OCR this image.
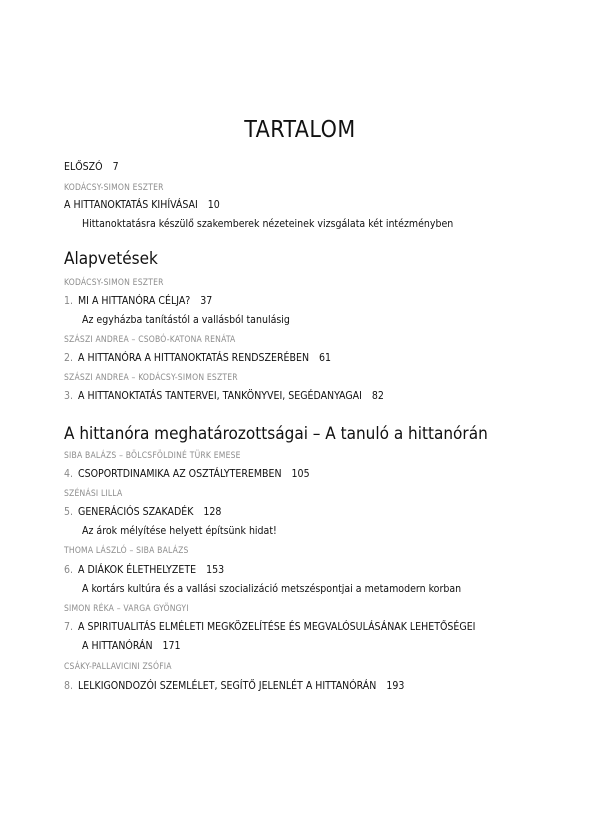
TARTALOM
ELŐSZÓ 7
KODÁCSY-SIMON ESZTER
A HITTANOKTATÁS KIHÍVÁSAI 10
Hittanoktatásra készülő szakemberek nézeteinek vizsgálata két intézményben
Alapvetések
KODÁCSY-SIMON ESZTER
1. MI A HITTANÓRA CÉLJA? 37
Az egyházba tanítástól a vallásból tanulásig
SZÁSZI ANDREA – CSOBÓ-KATONA RENÁTA
2. A HITTANÓRA A HITTANOKTATÁS RENDSZERÉBEN 61
SZÁSZI ANDREA – KODÁCSY-SIMON ESZTER
3. A HITTANOKTATÁS TANTERVEI, TANKÖNYVEI, SEGÉDANYAGAI 82
A hittanóra meghatározottságai – A tanuló a hittanórán
SIBA BALÁZS – BÖLCSFÖLDINÉ TÜRK EMESE
4. CSOPORTDINAMIKA AZ OSZTÁLYTEREMBEN 105
SZÉNÁSI LILLA
5. GENERÁCIÓS SZAKADÉK 128
Az árok mélyítése helyett építsünk hidat!
THOMA LÁSZLÓ – SIBA BALÁZS
6. A DIÁKOK ÉLETHELYZETE 153
A kortárs kultúra és a vallási szocializáció metszéspontjai a metamodern korban
SIMON RÉKA – VARGA GYÖNGYI
7. A SPIRITUALITÁS ELMÉLETI MEGKÖZELÍTÉSE ÉS MEGVALÓSULÁSÁNAK LEHETŐSÉGEI
A HITTANÓRÁN 171
CSÁKY-PALLAVICINI ZSÓFIA
8. LELKIGONDOZÓI SZEMLÉLET, SEGÍTŐ JELENLÉT A HITTANÓRÁN 193
